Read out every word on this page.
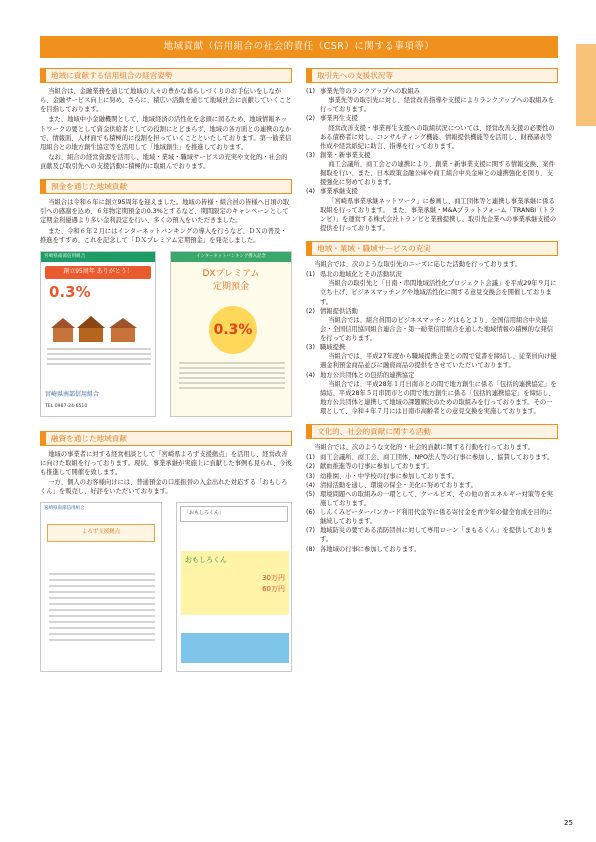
地域貢献（信用組合の社会的責任（CSR）に関する事項等）
地域に貢献する信用組合の経営姿勢

当組合は、金融業務を通じて地域の人々の豊かな暮らしづくりのお手伝いをしながら、金融サービス向上に努め、さらに、積広い活動を通じて地域社会に貢献していくことを目指しております。

また、地域中小金融機関として、地域経済の活性化を念頭に図るため、地域情報ネットワークの要として資金供給者としての役割にとどまらず、地域の各方面との連携のなかで、情報面、人材面でも積極的に役割を担っていくことといたしております。第一勧業信用組合との地方創生協定等を活用して「地域創生」を推進しております。

なお、組合の経営資源を活用し、地域・業域・職域サービスの充実や文化的・社会的貢献及び取引先への支援活動に積極的に取組んでおります。

預金を通じた地域貢献

当組合は令和６年に創立95周年を迎えました。地域の皆様・組合員の皆様へ日頃の取引への感謝を込め、６年物定期預金の0.3%とするなど、期間限定のキャンペーンとして定期金利優遇より多い金利設定を行い、多くの預入をいただきました。

また、令和６年２月にはインターネットバンキングの導入を行うなど、ＤＸの普及・推進をすすめ、これを記念して「ＤＸプレミアム定期預金」を発売しました。

宮崎県南部信用組合
創立95周年 ありがとう！
0.3%
宮崎県南部信用組合
TEL 0987-24-6510
インターネットバンキング導入記念
DXプレミアム
定期預金
0.3%
融資を通じた地域貢献

地域の事業者に対する経営相談として「宮崎県よろず支援拠点」を活用し、経営改善に向けた取組を行っております。現状、事業承継が実施上に貢献した事例も見られ、今後も推進して開催を致します。

一方、個人のお客様向けには、普通預金の口座振替の入金出れた対応する「おもしろくん」を販売し、好評をいただいております。

宮崎県南部信用組合
よろず支援拠点
「おもしろくん」
おもしろくん
30万円
60万円
取引先への支援状況等
(1) 事業先等のランクアップへの取組み
事業先等の取引先に対し、経営改善指導や支援によりランクアップへの取組みを行っております。
(2) 事業再生支援
経営改善支援・事業再生支援への取組状況については、経営改善支援の必要性のある債務者に対し、コンサルティング機能、情報提供機能等を活用し、財務諸表等作成や経営紙紀に助言、指導を行っております。
(3) 創業・新事業支援
商工会議所、商工会との連携により、創業・新事業支援に関する情報交換、案件掘取を行い、また、日本政策金融公庫や商工組合中央金庫との連携強化を図り、支援強化に努めております。
(4) 事業承継支援
「宮崎県事業承継ネットワーク」に参画し、商工団体等と連携し事業承継に係る取組を行っております。　また、事業承継・M&Aプラットフォーム「TRANBI（トランビ）」を運営する株式会社トランビと業務提携し、取引先企業への事業承継支援の提供を行っております。
地域・業域・職域サービスの充実

当組合では、次のような取引先のニーズに応じた活動を行っております。

(1) 県北の地域化とその活動状況
当組合の取引先と「日南・串間地域活性化プロジェクト会議」を平成29年９月に立ち上げ、ビジネスマッチングや地域活性化に関する意見交換会を開催しております。
(2) 情報提供活動
当組合では、組合員間のビジネスマッチングはもとより、全国信用組合中央協会・全国信用協同組合連合会・第一勧業信用組合を通した地域情報の積極的な発信を行っております。
(3) 職域提携
当組合では、平成27年度から職域提携企業との間で覚書を締結し、従業員向け優遇金利預金商品並びに融資商品の提供をさせていただいております。
(4) 地方公共団体との包括的連携協定
当組合では、平成28年１月日南市との間で地方創生に係る「包括的連携協定」を締結、平成28年５月串間市との間で地方創生に係る「包括的連携協定」を締結し、地方公共団体と連携して地域の課題解決のための取組みを行っております。その一環として、令和４年７月には日南市高齢者との意見交換を実施しております。
文化的、社会的貢献に関する活動

当組合では、次のような文化的・社会的貢献に関する行動を行っております。

(1) 商工会議所、商工会、商工団体、NPO法人等の行事に参加し、協賛しております。
(2) 献血推進等の行事に参加しております。
(3) 幼稚園、小・中学校の行事に参加しております。
(4) 清掃活動を通し、環境の保全・美化に努めております。
(5) 環境問題への取組みの一環として、クールビズ、その他の省エネルギー対策等を実施しております。
(6) しんくみピーターパンカード利用代金等に係る寄付金を青少年の健全育成を目的に継続しております。
(7) 地域防災の要である消防団員に対して専用ローン「まもるくん」を提供しております。
(8) 各地域の行事に参加しております。
25
